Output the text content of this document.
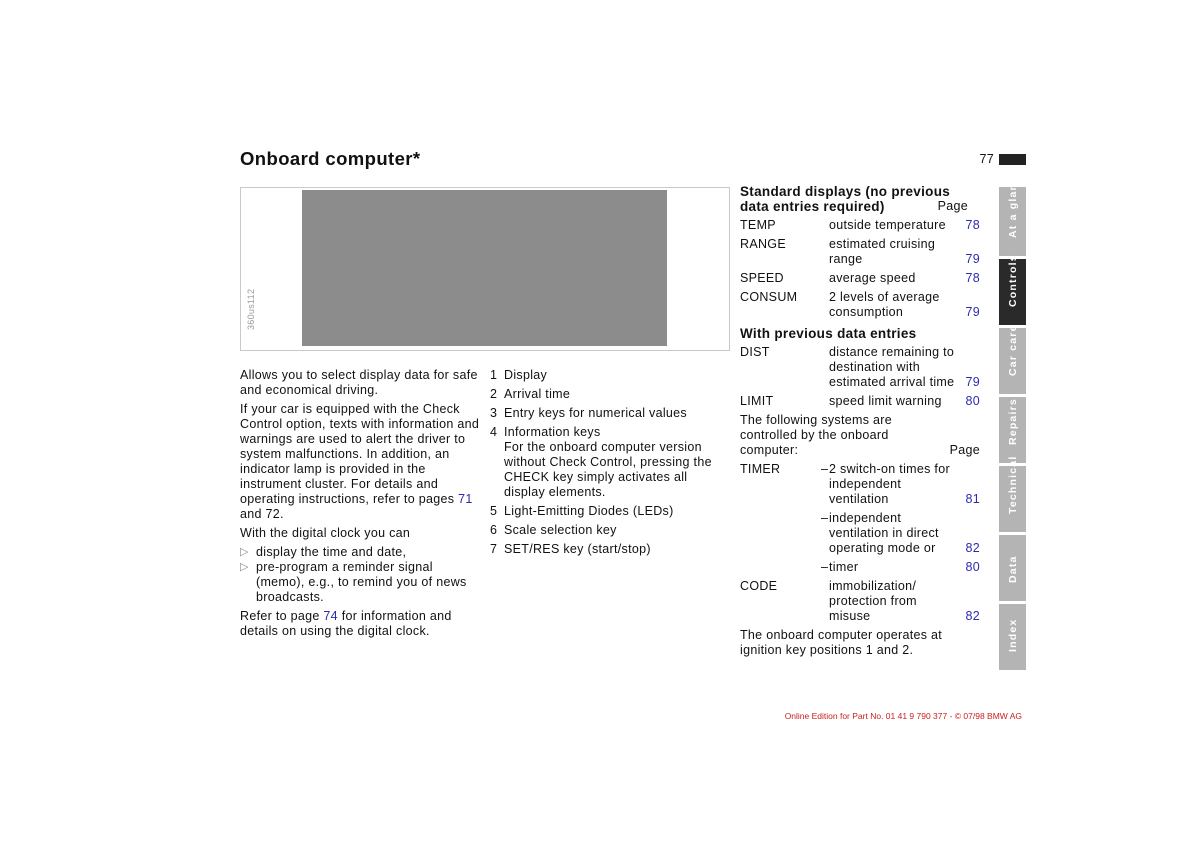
Onboard computer*	77
360us112

Allows you to select display data for safe and economical driving.

If your car is equipped with the Check Control option, texts with information and warnings are used to alert the driver to system malfunctions. In addition, an indicator lamp is provided in the instrument cluster. For details and operating instructions, refer to pages 71 and 72.

With the digital clock you can

▷ display the time and date,
▷ pre-program a reminder signal (memo), e.g., to remind you of news broadcasts.

Refer to page 74 for information and details on using the digital clock.

1 Display
2 Arrival time
3 Entry keys for numerical values
4 Information keys
For the onboard computer version without Check Control, pressing the CHECK key simply activates all display elements.
5 Light-Emitting Diodes (LEDs)
6 Scale selection key
7 SET/RES key (start/stop)
Standard displays (no previous
data entries required)	Page
TEMP	outside temperature	78
RANGE	estimated cruising range	79
SPEED	average speed	78
CONSUM	2 levels of average consumption	79
With previous data entries
DIST	distance remaining to destination with estimated arrival time 79
LIMIT	speed limit warning	80
The following systems are controlled by the onboard computer:	Page
TIMER	– 2 switch-on times for independent ventilation	81
– independent ventilation in direct operating mode or	82
– timer	80
CODE	immobilization/ protection from misuse	82

The onboard computer operates at ignition key positions 1 and 2.

At a glance
Controls
Car care
Repairs
Technical
Data
Index
Online Edition for Part No. 01 41 9 790 377 - © 07/98 BMW AG
